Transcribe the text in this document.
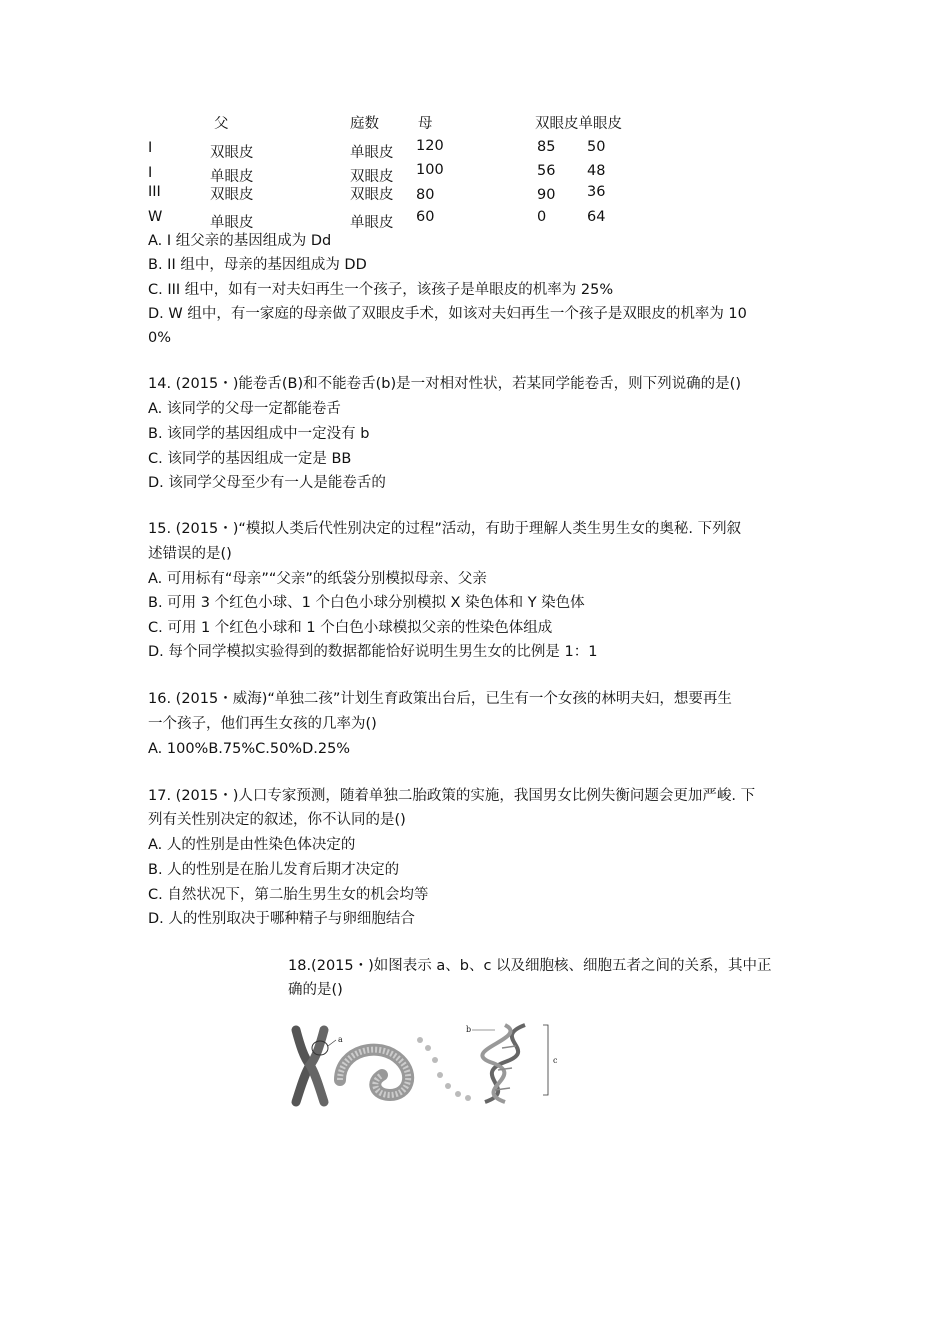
父	庭数	母	双眼皮单眼皮
I	双眼皮	单眼皮 120	85 50
I	单眼皮	双眼皮 100	56 48
III	双眼皮	双眼皮 80	90 36
W	单眼皮	单眼皮 60	0	64
A. I 组父亲的基因组成为 Dd
B. II 组中，母亲的基因组成为 DD
C. III 组中，如有一对夫妇再生一个孩子，该孩子是单眼皮的机率为 25%
D. W 组中，有一家庭的母亲做了双眼皮手术，如该对夫妇再生一个孩子是双眼皮的机率为 10
0%
14. (2015・)能卷舌(B)和不能卷舌(b)是一对相对性状，若某同学能卷舌，则下列说确的是()
A. 该同学的父母一定都能卷舌
B. 该同学的基因组成中一定没有 b
C. 该同学的基因组成一定是 BB
D. 该同学父母至少有一人是能卷舌的
15. (2015・)“模拟人类后代性别决定的过程”活动，有助于理解人类生男生女的奥秘. 下列叙
述错误的是()
A. 可用标有“母亲”“父亲”的纸袋分别模拟母亲、父亲
B. 可用 3 个红色小球、1 个白色小球分别模拟 X 染色体和 Y 染色体
C. 可用 1 个红色小球和 1 个白色小球模拟父亲的性染色体组成
D. 每个同学模拟实验得到的数据都能恰好说明生男生女的比例是 1：1
16. (2015・威海)“单独二孩”计划生育政策出台后，已生有一个女孩的林明夫妇，想要再生
一个孩子，他们再生女孩的几率为()
A. 100%B.75%C.50%D.25%
17. (2015・)人口专家预测，随着单独二胎政策的实施，我国男女比例失衡问题会更加严峻. 下
列有关性别决定的叙述，你不认同的是()
A. 人的性别是由性染色体决定的
B. 人的性别是在胎儿发育后期才决定的
C. 自然状况下，第二胎生男生女的机会均等
D. 人的性别取决于哪种精子与卵细胞结合
18.(2015・)如图表示 a、b、c 以及细胞核、细胞五者之间的关系，其中正
确的是()
a
b
c
